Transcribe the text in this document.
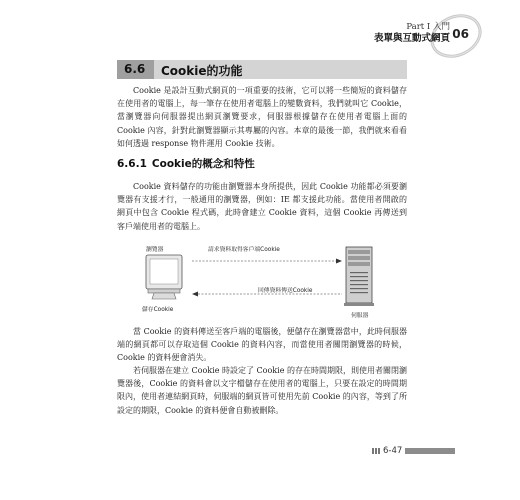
Part Ⅰ 入門
表單與互動式網頁 06
6.6 Cookie的功能

Cookie 是設計互動式網頁的一項重要的技術，它可以將一些簡短的資料儲存在使用者的電腦上，每一筆存在使用者電腦上的變數資料，我們就叫它 Cookie，當瀏覽器向伺服器提出網頁瀏覽要求，伺服器根據儲存在使用者電腦上面的 Cookie 內容，針對此瀏覽器顯示其專屬的內容。本章的最後一節，我們就來看看如何透過 response 物件運用 Cookie 技術。

6.6.1 Cookie的概念和特性

Cookie 資料儲存的功能由瀏覽器本身所提供，因此 Cookie 功能都必須要瀏覽器有支援才行，一般通用的瀏覽器，例如：IE 都支援此功能。當使用者開啟的網頁中包含 Cookie 程式碼，此時會建立 Cookie 資料，這個 Cookie 再傳送到客戶端使用者的電腦上。

瀏覽器	請求資料取得客戶端Cookie
回傳資料傳送Cookie
儲存Cookie
伺服器

當 Cookie 的資料傳送至客戶端的電腦後，便儲存在瀏覽器當中，此時伺服器端的網頁都可以存取這個 Cookie 的資料內容，而當使用者關閉瀏覽器的時候，Cookie 的資料便會消失。

若伺服器在建立 Cookie 時設定了 Cookie 的存在時間期限，則使用者關閉瀏覽器後，Cookie 的資料會以文字檔儲存在使用者的電腦上，只要在設定的時間期限內，使用者連結網頁時，伺服端的網頁皆可使用先前 Cookie 的內容，等到了所設定的期限，Cookie 的資料便會自動被刪除。

6-47
